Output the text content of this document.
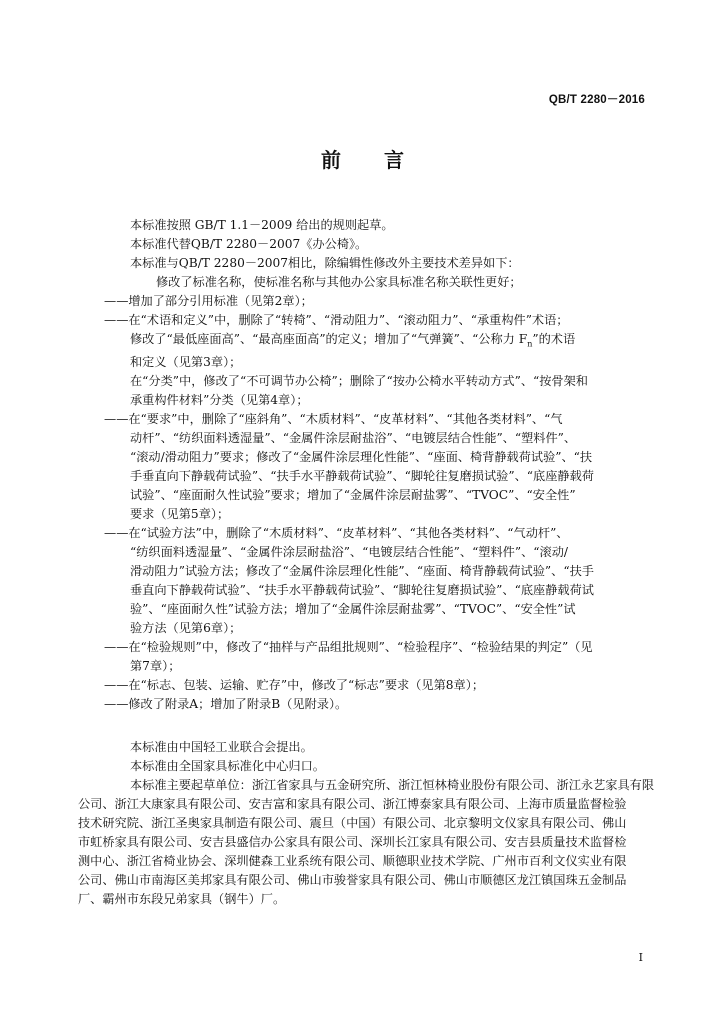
QB/T 2280－2016
前 言

本标准按照 GB/T 1.1－2009 给出的规则起草。

本标准代替QB/T 2280－2007《办公椅》。

本标准与QB/T 2280－2007相比，除编辑性修改外主要技术差异如下：

修改了标准名称，使标准名称与其他办公家具标准名称关联性更好；

——增加了部分引用标准（见第2章）；

——在“术语和定义”中，删除了“转椅”、“滑动阻力”、“滚动阻力”、“承重构件”术语；

修改了“最低座面高”、“最高座面高”的定义；增加了“气弹簧”、“公称力 $F_n$”的术语

和定义（见第3章）；

在“分类”中，修改了“不可调节办公椅”；删除了“按办公椅水平转动方式”、“按骨架和

承重构件材料”分类（见第4章）；

——在“要求”中，删除了“座斜角”、“木质材料”、“皮革材料”、“其他各类材料”、“气

动杆”、“纺织面料透湿量”、“金属件涂层耐盐浴”、“电镀层结合性能”、“塑料件”、

“滚动/滑动阻力”要求；修改了“金属件涂层理化性能”、“座面、椅背静载荷试验”、“扶

手垂直向下静载荷试验”、“扶手水平静载荷试验”、“脚轮往复磨损试验”、“底座静载荷

试验”、“座面耐久性试验”要求；增加了“金属件涂层耐盐雾”、“TVOC”、“安全性”

要求（见第5章）；

——在“试验方法”中，删除了“木质材料”、“皮革材料”、“其他各类材料”、“气动杆”、

“纺织面料透湿量”、“金属件涂层耐盐浴”、“电镀层结合性能”、“塑料件”、“滚动/

滑动阻力”试验方法；修改了“金属件涂层理化性能”、“座面、椅背静载荷试验”、“扶手

垂直向下静载荷试验”、“扶手水平静载荷试验”、“脚轮往复磨损试验”、“底座静载荷试

验”、“座面耐久性”试验方法；增加了“金属件涂层耐盐雾”、“TVOC”、“安全性”试

验方法（见第6章）；

——在“检验规则”中，修改了“抽样与产品组批规则”、“检验程序”、“检验结果的判定”（见

第7章）；

——在“标志、包装、运输、贮存”中，修改了“标志”要求（见第8章）；

——修改了附录A；增加了附录B（见附录）。

本标准由中国轻工业联合会提出。

本标准由全国家具标准化中心归口。

本标准主要起草单位：浙江省家具与五金研究所、浙江恒林椅业股份有限公司、浙江永艺家具有限

公司、浙江大康家具有限公司、安吉富和家具有限公司、浙江博泰家具有限公司、上海市质量监督检验

技术研究院、浙江圣奥家具制造有限公司、震旦（中国）有限公司、北京黎明文仪家具有限公司、佛山

市虹桥家具有限公司、安吉县盛信办公家具有限公司、深圳长江家具有限公司、安吉县质量技术监督检

测中心、浙江省椅业协会、深圳健森工业系统有限公司、顺德职业技术学院、广州市百利文仪实业有限

公司、佛山市南海区美邦家具有限公司、佛山市骏誉家具有限公司、佛山市顺德区龙江镇国珠五金制品

厂、霸州市东段兄弟家具（钢牛）厂。

I
